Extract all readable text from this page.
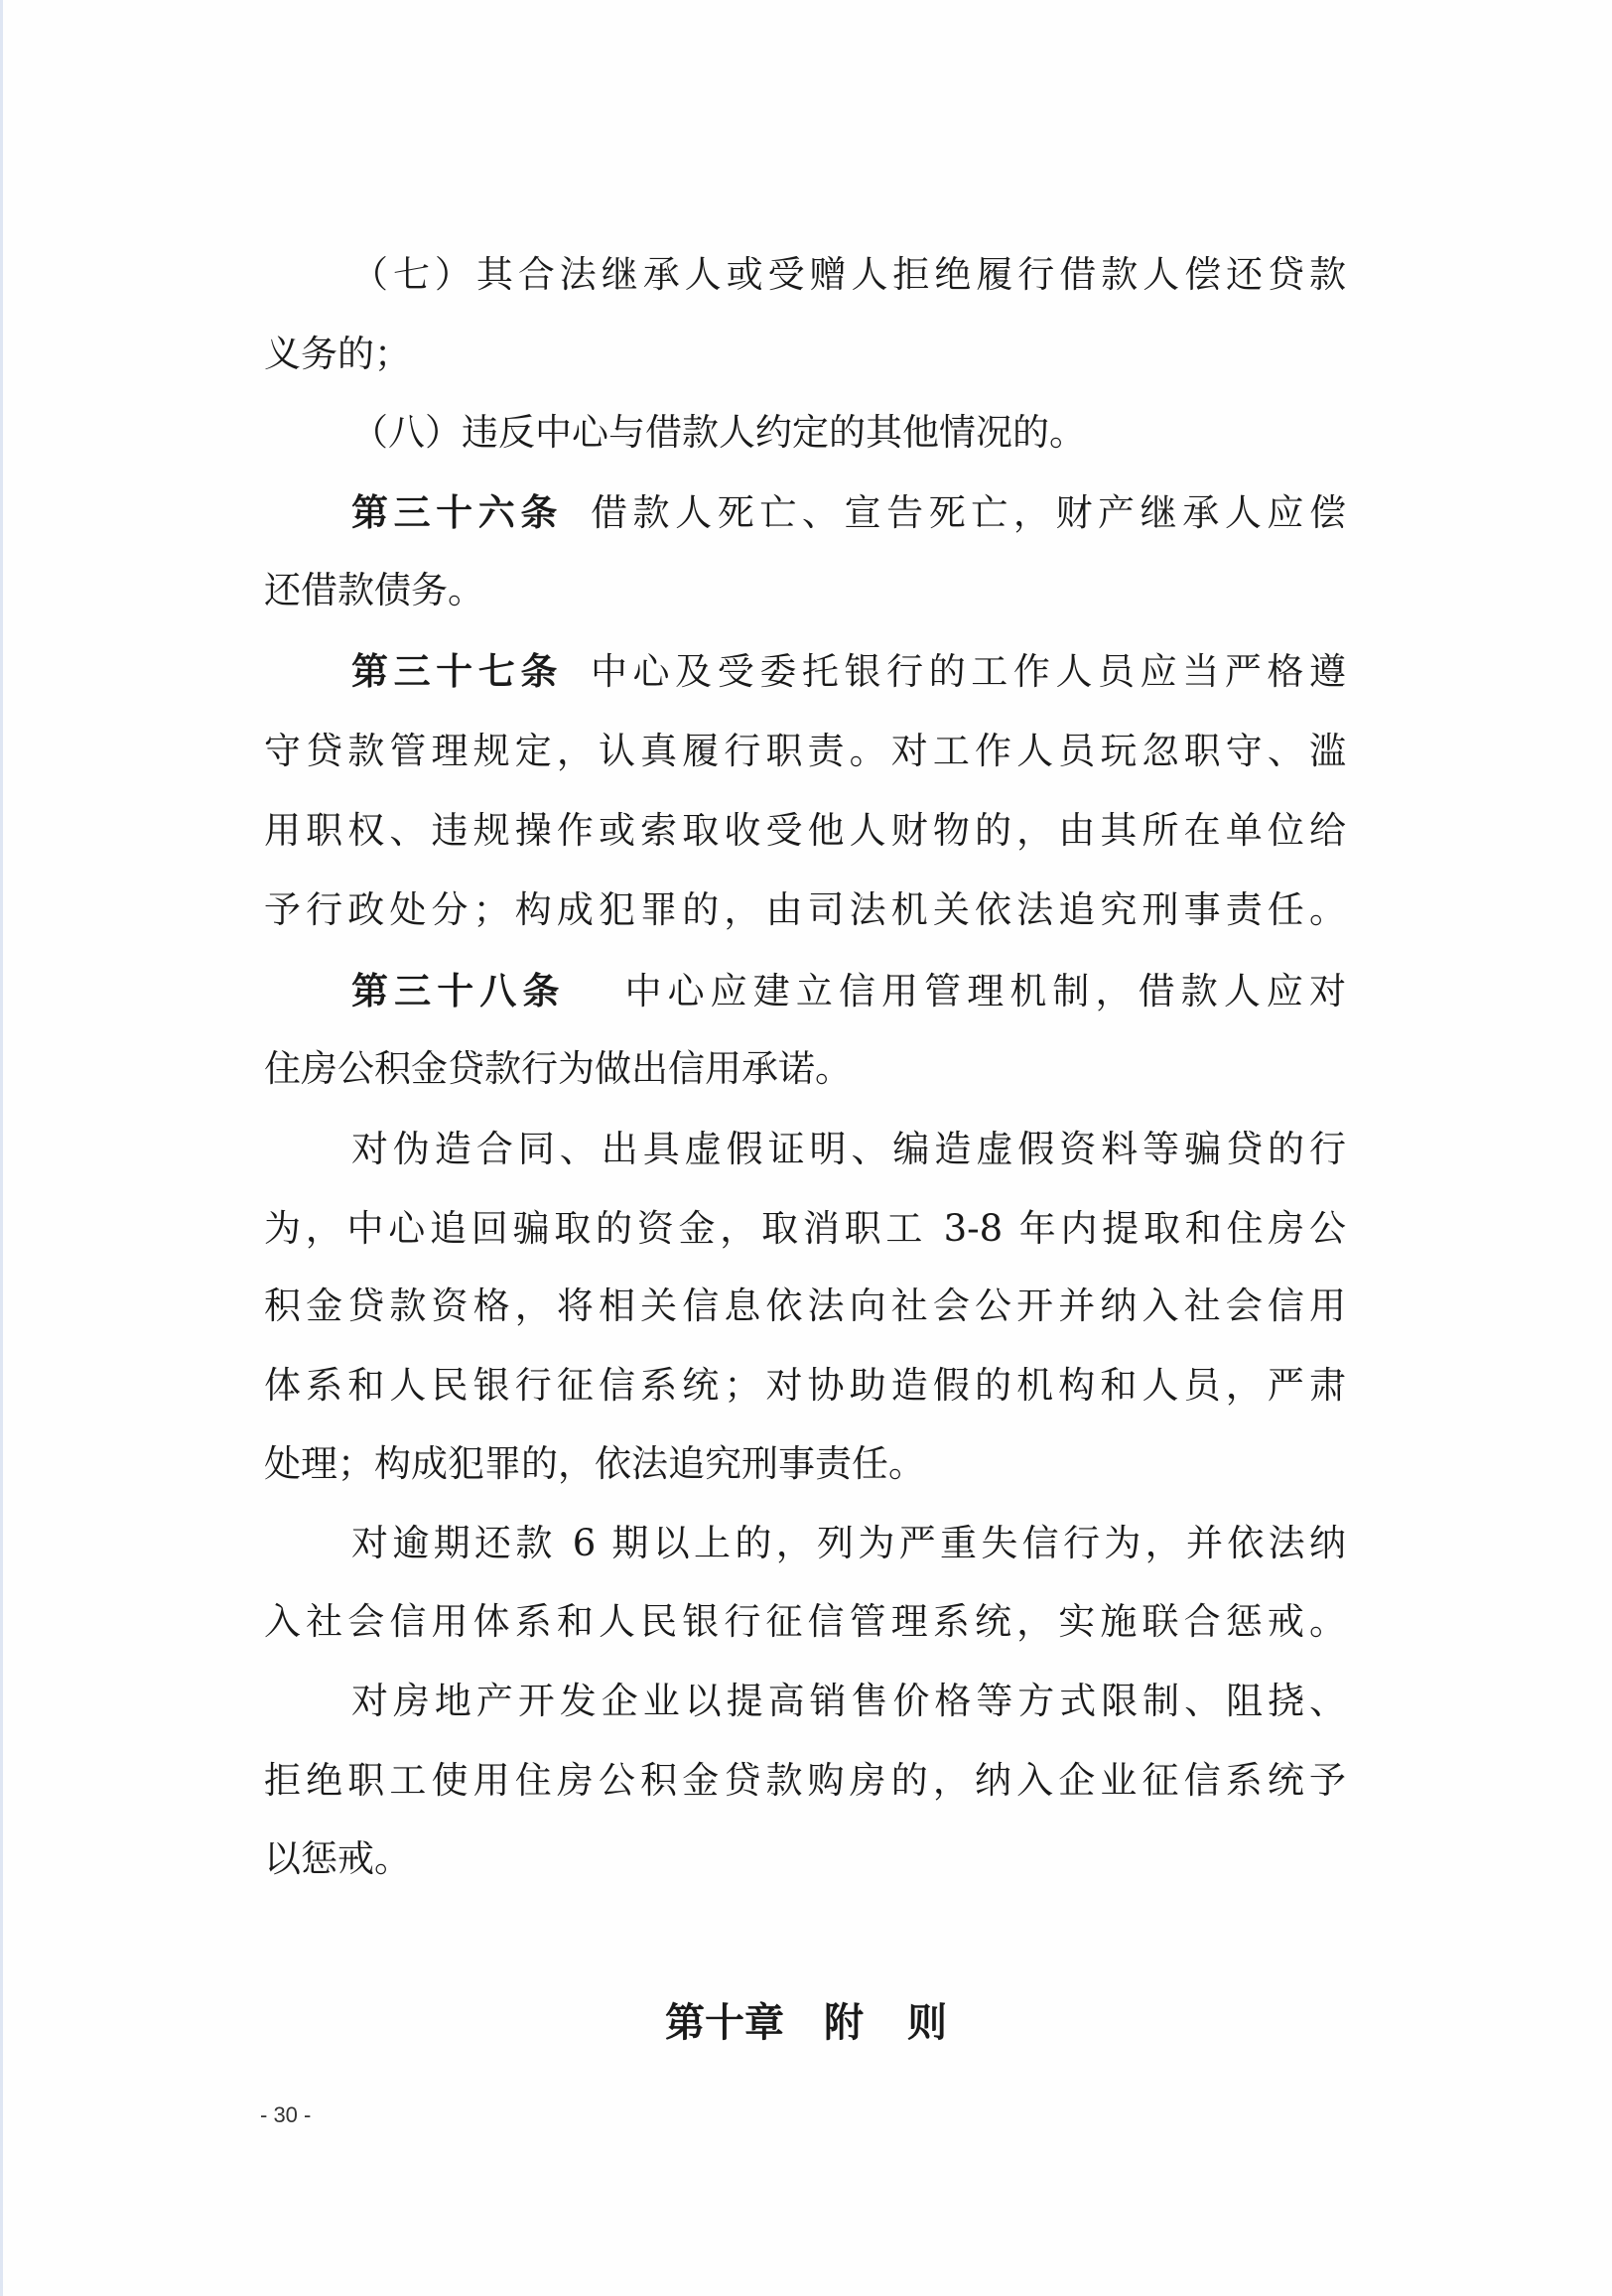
（七）其合法继承人或受赠人拒绝履行借款人偿还贷款
义务的；
（八）违反中心与借款人约定的其他情况的。
第三十六条 借款人死亡、宣告死亡，财产继承人应偿
还借款债务。
第三十七条 中心及受委托银行的工作人员应当严格遵
守贷款管理规定，认真履行职责。对工作人员玩忽职守、滥
用职权、违规操作或索取收受他人财物的，由其所在单位给
予行政处分；构成犯罪的，由司法机关依法追究刑事责任。
第三十八条 中心应建立信用管理机制，借款人应对
住房公积金贷款行为做出信用承诺。
对伪造合同、出具虚假证明、编造虚假资料等骗贷的行
为，中心追回骗取的资金，取消职工 3-8 年内提取和住房公
积金贷款资格，将相关信息依法向社会公开并纳入社会信用
体系和人民银行征信系统；对协助造假的机构和人员，严肃
处理；构成犯罪的，依法追究刑事责任。
对逾期还款 6 期以上的，列为严重失信行为，并依法纳
入社会信用体系和人民银行征信管理系统，实施联合惩戒。
对房地产开发企业以提高销售价格等方式限制、阻挠、
拒绝职工使用住房公积金贷款购房的，纳入企业征信系统予
以惩戒。
第十章　附 则
- 30 -
